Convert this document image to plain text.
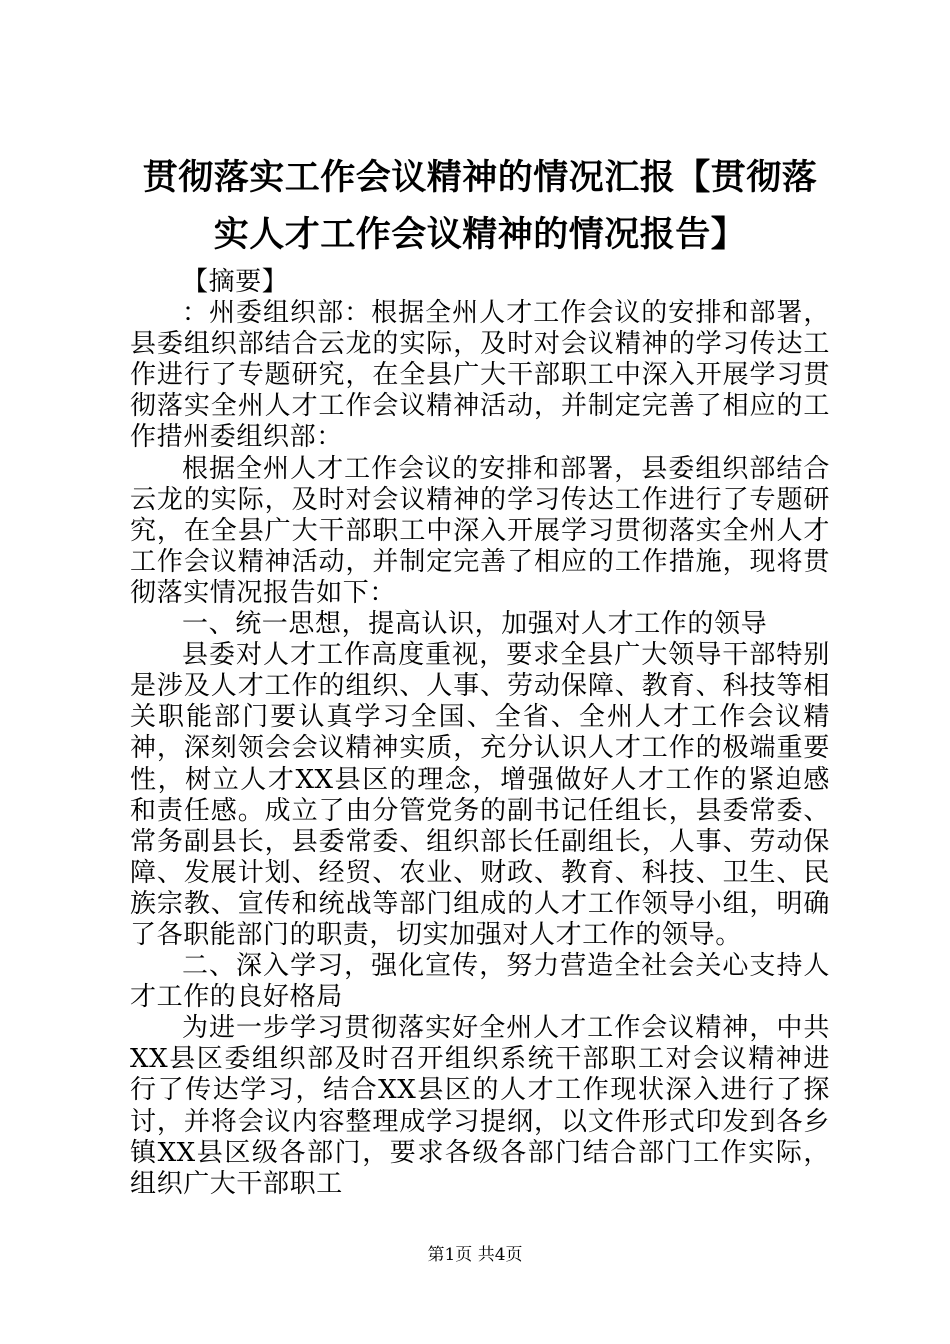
贯彻落实工作会议精神的情况汇报【贯彻落实人才工作会议精神的情况报告】

【摘要】

：州委组织部：根据全州人才工作会议的安排和部署，县委组织部结合云龙的实际，及时对会议精神的学习传达工作进行了专题研究，在全县广大干部职工中深入开展学习贯彻落实全州人才工作会议精神活动，并制定完善了相应的工作措州委组织部：

根据全州人才工作会议的安排和部署，县委组织部结合云龙的实际，及时对会议精神的学习传达工作进行了专题研究，在全县广大干部职工中深入开展学习贯彻落实全州人才工作会议精神活动，并制定完善了相应的工作措施，现将贯彻落实情况报告如下：

一、统一思想，提高认识，加强对人才工作的领导

县委对人才工作高度重视，要求全县广大领导干部特别是涉及人才工作的组织、人事、劳动保障、教育、科技等相关职能部门要认真学习全国、全省、全州人才工作会议精神，深刻领会会议精神实质，充分认识人才工作的极端重要性，树立人才XX县区的理念，增强做好人才工作的紧迫感和责任感。成立了由分管党务的副书记任组长，县委常委、常务副县长，县委常委、组织部长任副组长，人事、劳动保障、发展计划、经贸、农业、财政、教育、科技、卫生、民族宗教、宣传和统战等部门组成的人才工作领导小组，明确了各职能部门的职责，切实加强对人才工作的领导。

二、深入学习，强化宣传，努力营造全社会关心支持人才工作的良好格局

为进一步学习贯彻落实好全州人才工作会议精神，中共XX县区委组织部及时召开组织系统干部职工对会议精神进行了传达学习，结合XX县区的人才工作现状深入进行了探讨，并将会议内容整理成学习提纲，以文件形式印发到各乡镇XX县区级各部门，要求各级各部门结合部门工作实际，组织广大干部职工

第1页 共4页
